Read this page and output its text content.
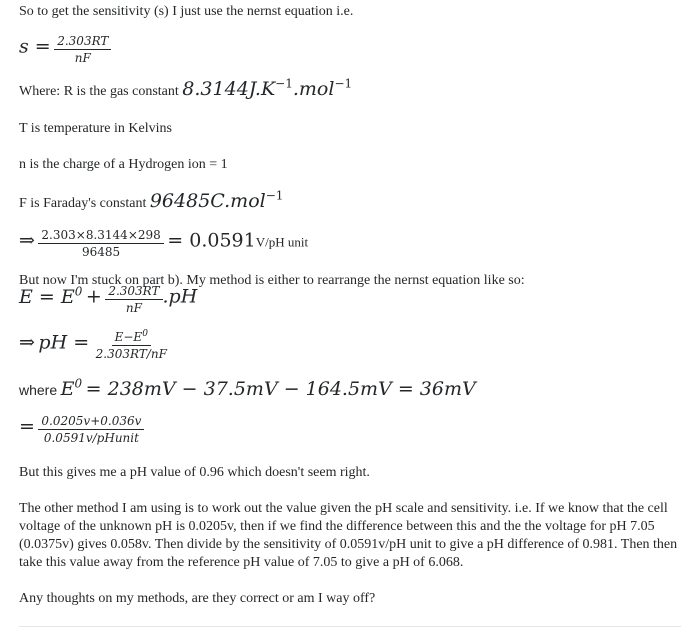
So to get the sensitivity (s) I just use the nernst equation i.e.
$s = \frac{2.303RT}{nF}$
Where: R is the gas constant $8.3144J.K^{-1}.mol^{-1}$
T is temperature in Kelvins
n is the charge of a Hydrogen ion = 1
F is Faraday's constant 96485C.mol$^{-1}$
⇒ $\frac{2.303\times 8.3144\times 298}{96485} = 0.0591V/pH$ unit
But now I'm stuck on part b). My method is either to rearrange the nernst equation like so:
$E = E^0 + \frac{2.303RT}{nF} .pH$
⇒ pH = $\frac{E-E^0}{2.303RT/nF}$
where $E^0 = 238mV - 37.5mV - 164.5mV = 36mV$
= $\frac{0.0205v+0.036v}{\text{0.0591v/pHunit}}$
But this gives me a pH value of 0.96 which doesn't seem right.
The other method I am using is to work out the value given the pH scale and sensitivity. i.e. If we know that the cell voltage of the unknown pH is 0.0205v, then if we find the difference between this and the the voltage for pH 7.05 (0.0375v) gives 0.058v. Then divide by the sensitivity of 0.0591v/pH unit to give a pH difference of 0.981. Then then take this value away from the reference pH value of 7.05 to give a pH of 6.068.
Any thoughts on my methods, are they correct or am I way off?
